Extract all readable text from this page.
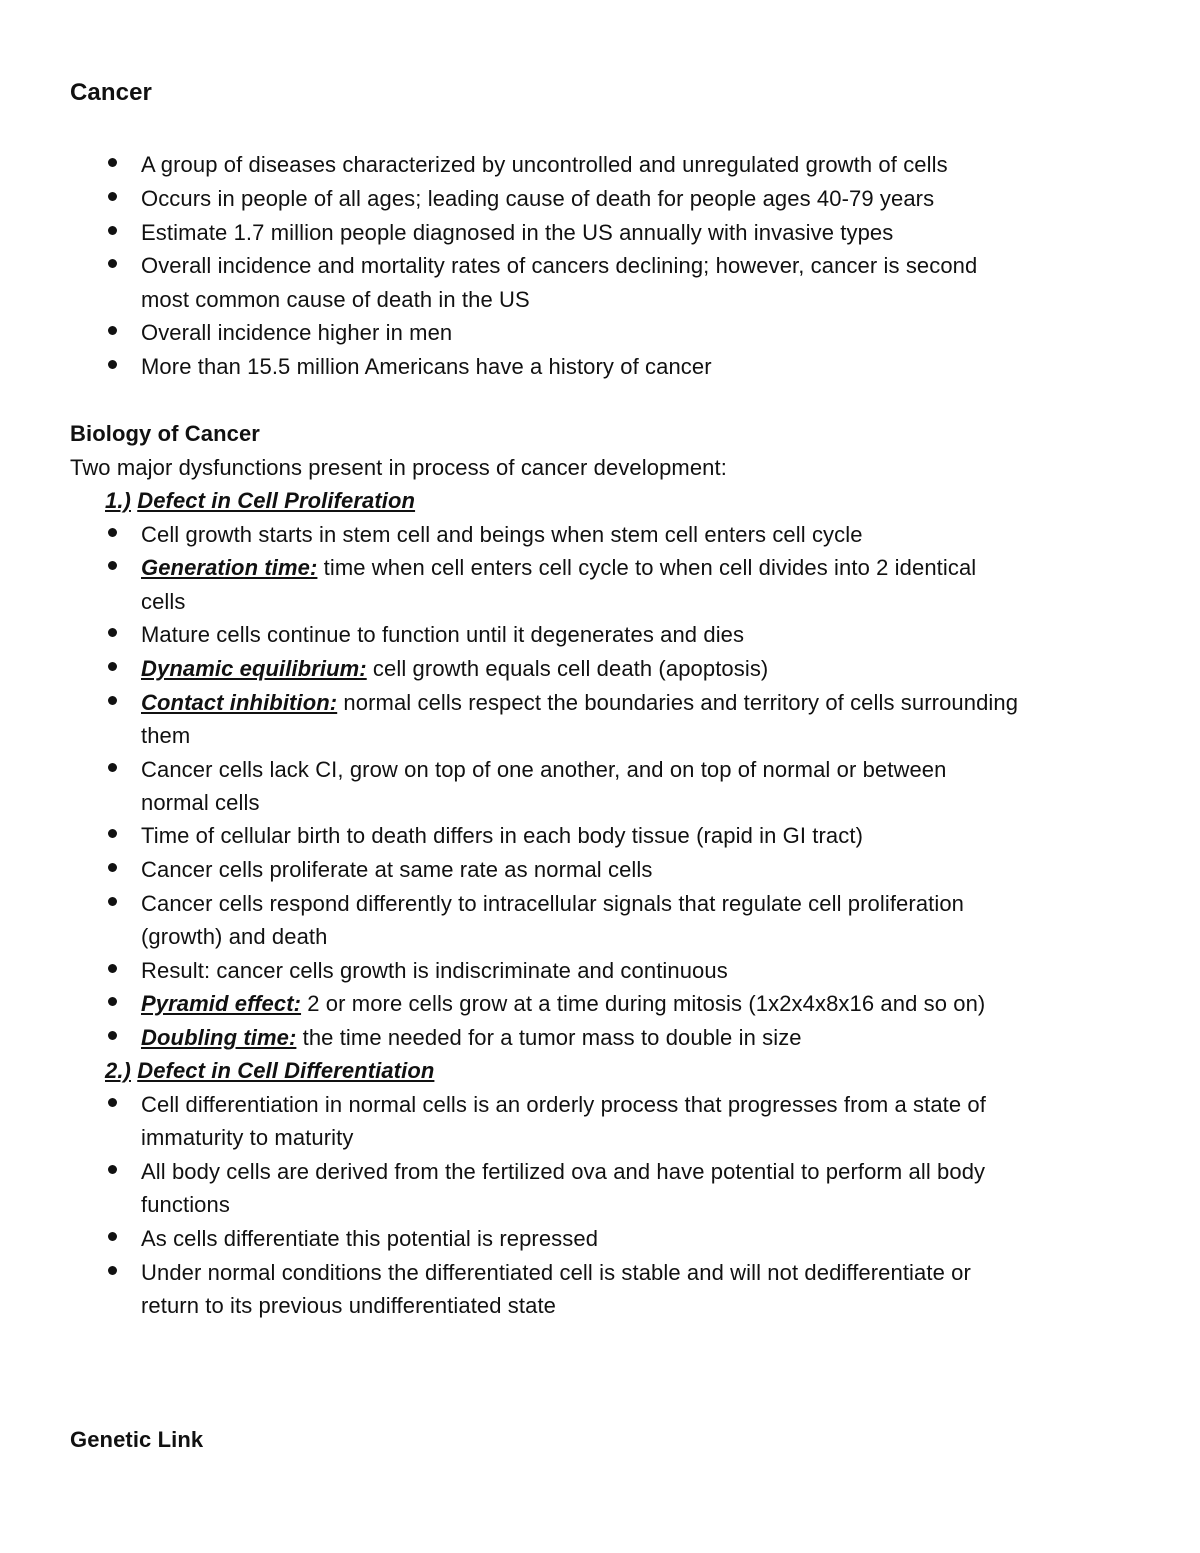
Cancer
A group of diseases characterized by uncontrolled and unregulated growth of cells
Occurs in people of all ages; leading cause of death for people ages 40-79 years
Estimate 1.7 million people diagnosed in the US annually with invasive types
Overall incidence and mortality rates of cancers declining; however, cancer is second
most common cause of death in the US
Overall incidence higher in men
More than 15.5 million Americans have a history of cancer
Biology of Cancer
Two major dysfunctions present in process of cancer development:
1.) Defect in Cell Proliferation
Cell growth starts in stem cell and beings when stem cell enters cell cycle
Generation time: time when cell enters cell cycle to when cell divides into 2 identical
cells
Mature cells continue to function until it degenerates and dies
Dynamic equilibrium: cell growth equals cell death (apoptosis)
Contact inhibition: normal cells respect the boundaries and territory of cells surrounding
them
Cancer cells lack CI, grow on top of one another, and on top of normal or between
normal cells
Time of cellular birth to death differs in each body tissue (rapid in GI tract)
Cancer cells proliferate at same rate as normal cells
Cancer cells respond differently to intracellular signals that regulate cell proliferation
(growth) and death
Result: cancer cells growth is indiscriminate and continuous
Pyramid effect: 2 or more cells grow at a time during mitosis (1x2x4x8x16 and so on)
Doubling time: the time needed for a tumor mass to double in size
2.) Defect in Cell Differentiation
Cell differentiation in normal cells is an orderly process that progresses from a state of
immaturity to maturity
All body cells are derived from the fertilized ova and have potential to perform all body
functions
As cells differentiate this potential is repressed
Under normal conditions the differentiated cell is stable and will not dedifferentiate or
return to its previous undifferentiated state
Genetic Link
